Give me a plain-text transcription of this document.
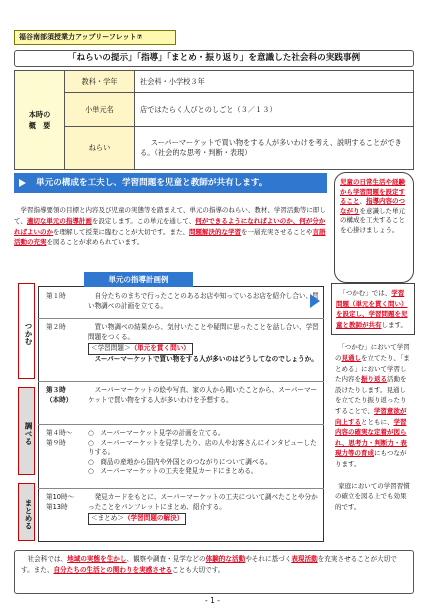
福谷南部須授業力アップリーフレット⑦
「ねらいの提示」「指導」「まとめ・振り返り」を意識した社会科の実践事例
本時の
概　要	教科・学年	社会科・小学校３年
	小単元名	店ではたらく人びとのしごと（３／１３）
	ねらい	スーパーマーケットで買い物をする人が多いわけを考え、説明することができる。（社会的な思考・判断・表現）
単元の構成を工夫し、学習問題を児童と教師が共有します。	児童の日常生活や経験から学習問題を設定すること、指導内容のつながりを意識した単元の構成を工夫することを心掛けましょう。
学習指導要領の目標と内容及び児童の実態等を踏まえて、単元の指導のねらい、教材、学習活動等に即して、適切な単元の指導計画を設定します。この単元を通して、何ができるようになればよいのか、何が分かればよいのかを理解して授業に臨むことが大切です。また、問題解決的な学習を一層充実させることや言語活動の充実を図ることが求められています。
単元の指導計画例
つかむ
調べる
まとめる
第１時	自分たちのまちで行ったことのあるお店や知っているお店を紹介し合い、買い物調べの計画を立てる。
第２時	買い物調べの結果から、気付いたことや疑問に思ったことを話し合い、学習問題をつくる。
＜学習問題＞（単元を貫く問い）
スーパーマーケットで買い物をする人が多いのはどうしてなのでしょうか。
第３時
（本時）
スーパーマーケットの絵や写真、家の人から聞いたことから、スーパーマーケットで買い物をする人が多いわけを予想する。
第４時～
第９時
○　スーパーマーケット見学の計画を立てる。
○　スーパーマーケットを見学したり、店の人やお客さんにインタビューしたりする。
○　商品の産地から国内や外国とのつながりについて調べる。
○　スーパーマーケットの工夫を発見カードにまとめる。
第10時～
第13時
発見カードをもとに、スーパーマーケットの工夫について調べたことや分かったことをパンフレットにまとめ、紹介する。
＜まとめ＞（学習問題の解決）

「つかむ」では、学習問題（単元を貫く問い）を設定し、学習問題を児童と教師が共有します。

「つかむ」において学習の見通しを立てたり、「まとめる」において学習した内容を振り返る活動を設けたりします。見通しを立てたり振り返ったりすることで、学習意欲が向上するとともに、学習内容の確実な定着が図られ、思考力・判断力・表現力等の育成にもつながります。

家庭においての学習習慣の確立を図る上でも効果的です。

社会科では、地域の実態を生かし、観察や調査・見学などの体験的な活動やそれに基づく表現活動を充実させることが大切です。また、自分たちの生活との関わりを実感させることも大切です。
- 1 -
